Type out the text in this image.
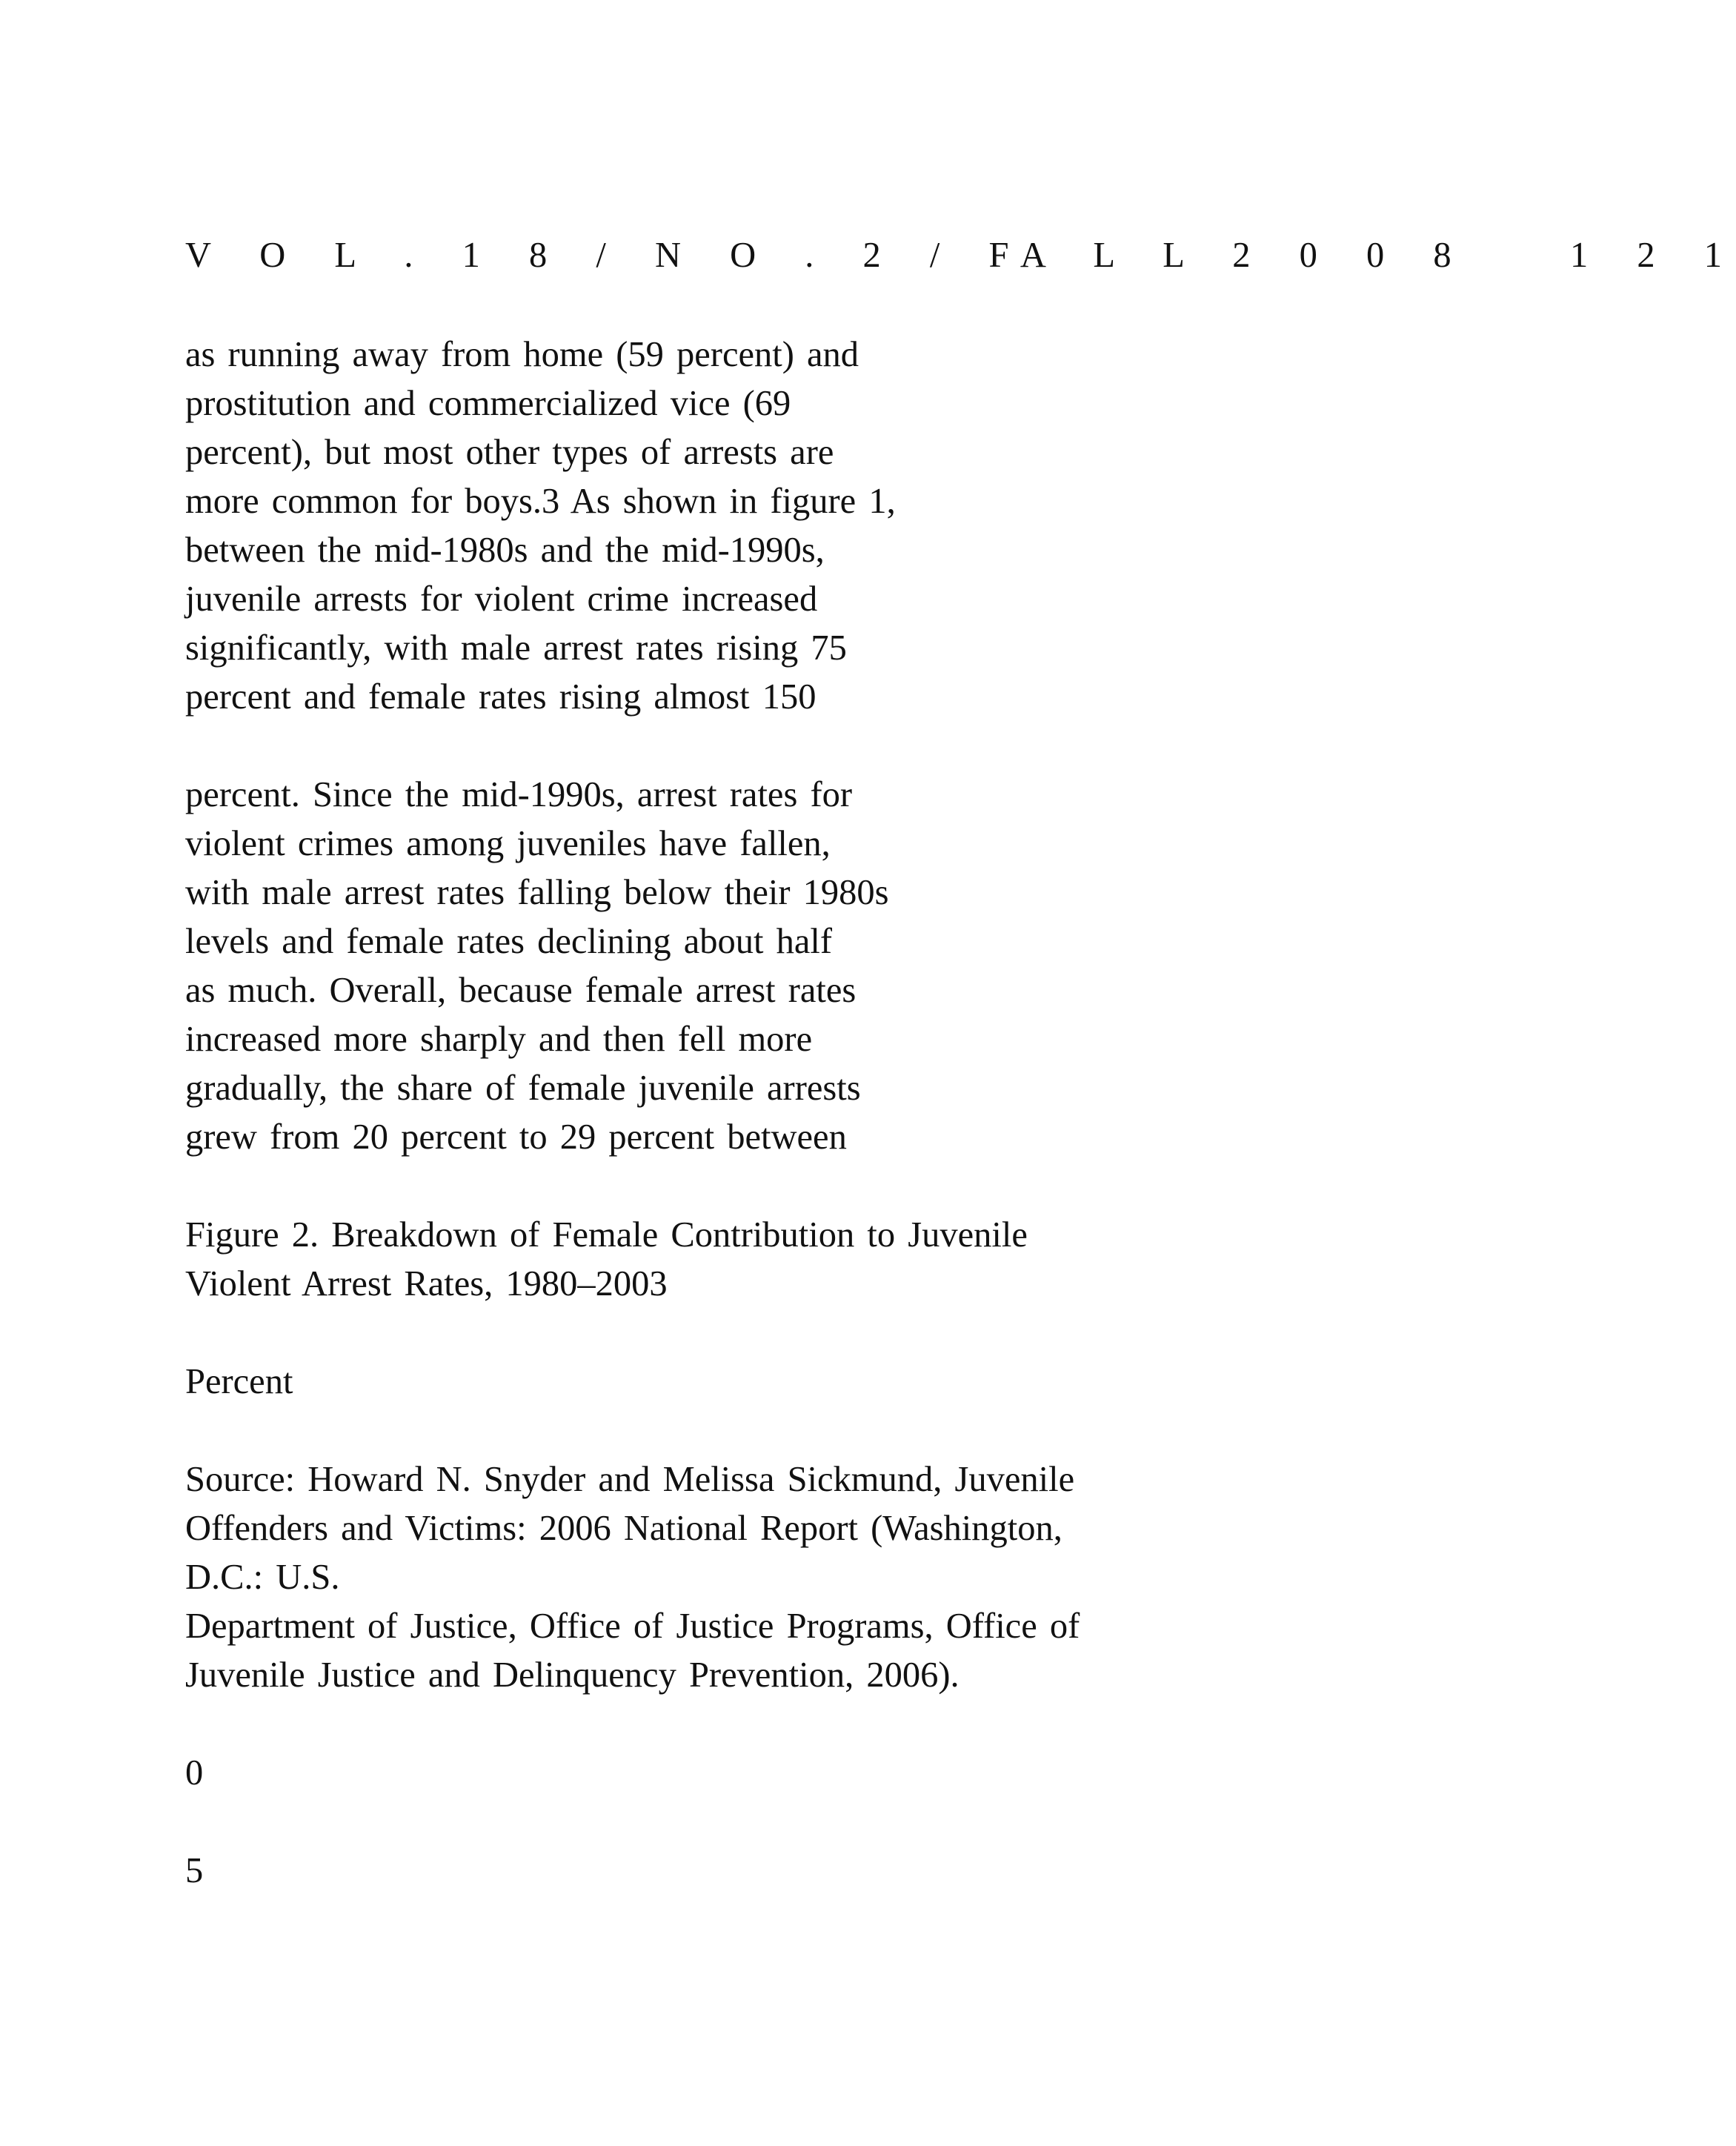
V O L . 1 8 / N O . 2 / FA L L 2 0 0 8   1 2 1

as running away from home (59 percent) and

prostitution and commercialized vice (69

percent), but most other types of arrests are

more common for boys.3 As shown in figure 1,

between the mid-1980s and the mid-1990s,

juvenile arrests for violent crime increased

significantly, with male arrest rates rising 75

percent and female rates rising almost 150

percent. Since the mid-1990s, arrest rates for

violent crimes among juveniles have fallen,

with male arrest rates falling below their 1980s

levels and female rates declining about half

as much. Overall, because female arrest rates

increased more sharply and then fell more

gradually, the share of female juvenile arrests

grew from 20 percent to 29 percent between

Figure 2. Breakdown of Female Contribution to Juvenile

Violent Arrest Rates, 1980–2003

Percent

Source: Howard N. Snyder and Melissa Sickmund, Juvenile

Offenders and Victims: 2006 National Report (Washington,

D.C.: U.S.

Department of Justice, Office of Justice Programs, Office of

Juvenile Justice and Delinquency Prevention, 2006).

0

5
